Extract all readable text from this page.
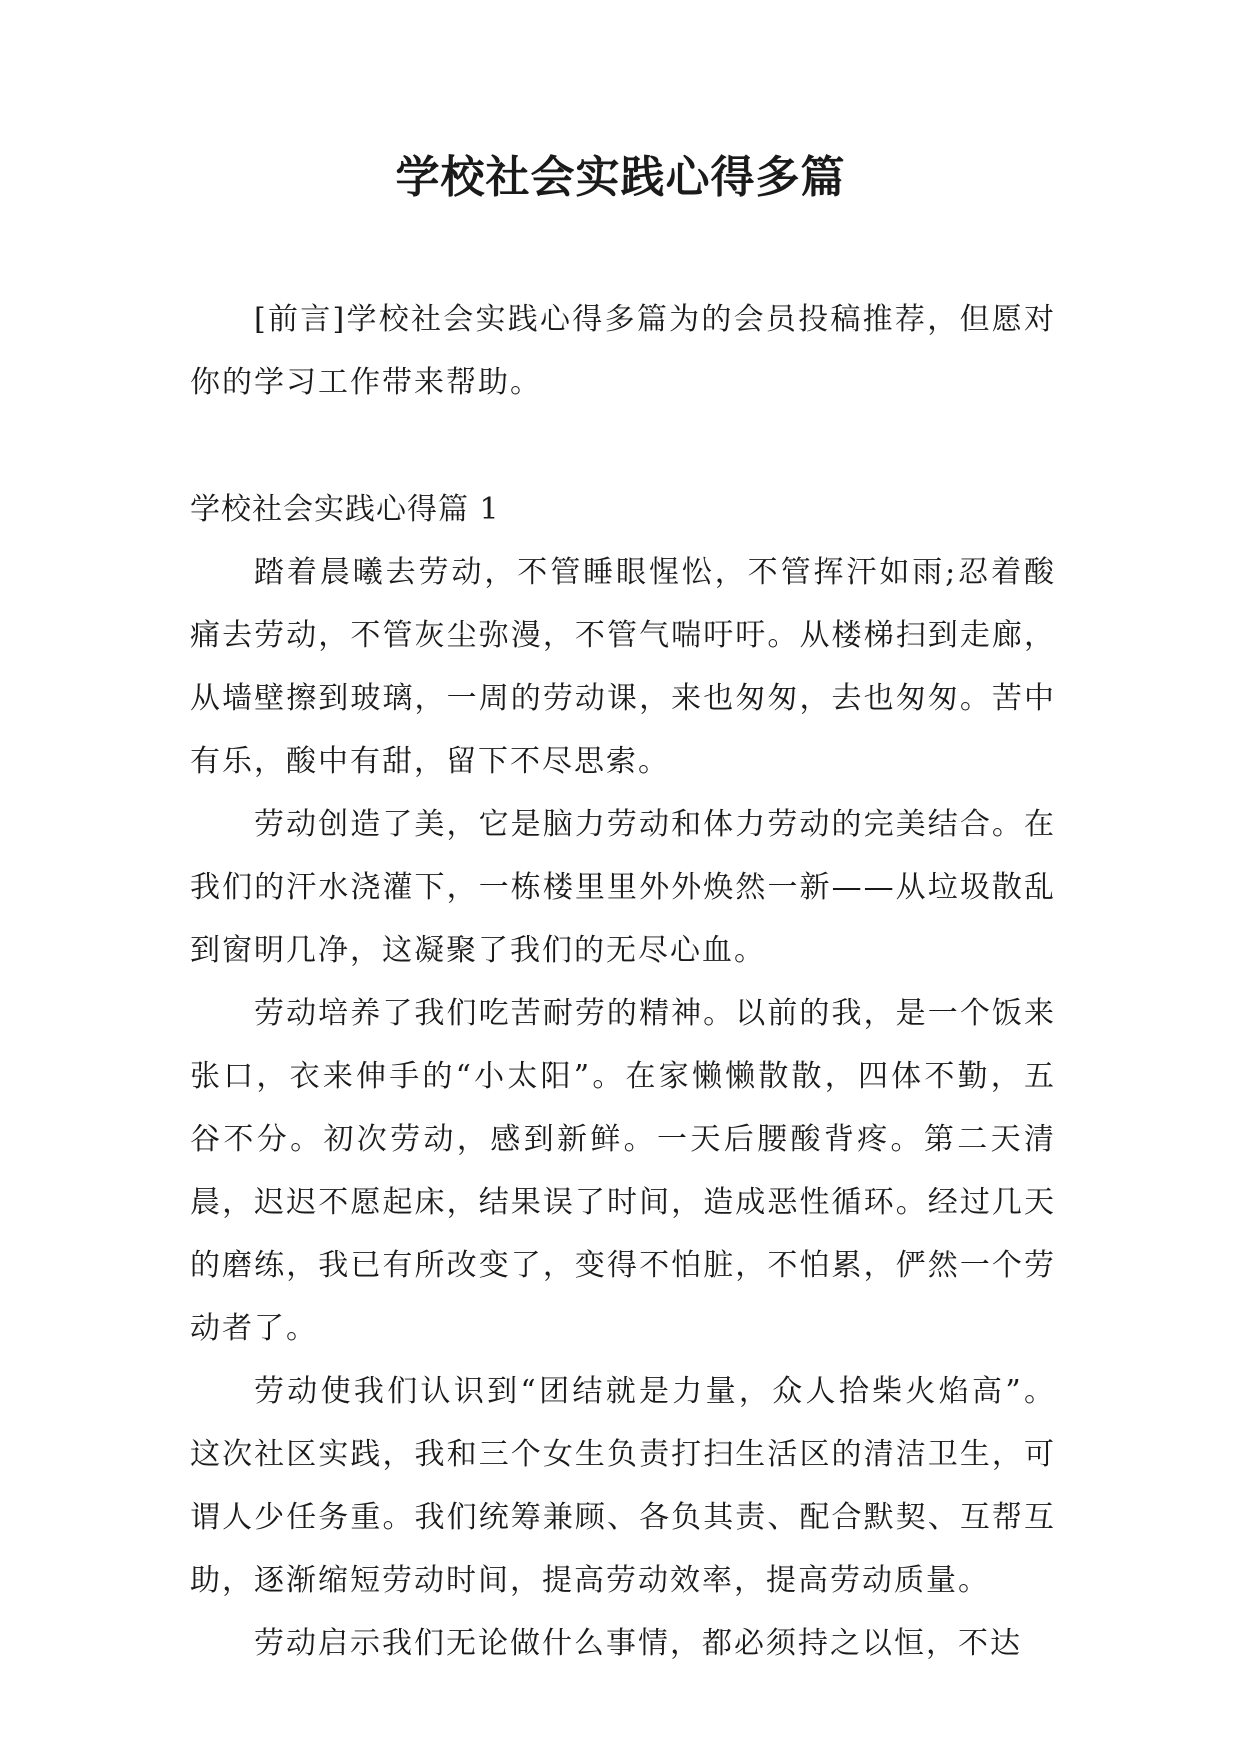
学校社会实践心得多篇

[前言]学校社会实践心得多篇为的会员投稿推荐，但愿对你的学习工作带来帮助。

学校社会实践心得篇 1

踏着晨曦去劳动，不管睡眼惺忪，不管挥汗如雨;忍着酸痛去劳动，不管灰尘弥漫，不管气喘吁吁。从楼梯扫到走廊，从墙壁擦到玻璃，一周的劳动课，来也匆匆，去也匆匆。苦中有乐，酸中有甜，留下不尽思索。

劳动创造了美，它是脑力劳动和体力劳动的完美结合。在我们的汗水浇灌下，一栋楼里里外外焕然一新——从垃圾散乱到窗明几净，这凝聚了我们的无尽心血。

劳动培养了我们吃苦耐劳的精神。以前的我，是一个饭来张口，衣来伸手的“小太阳”。在家懒懒散散，四体不勤，五谷不分。初次劳动，感到新鲜。一天后腰酸背疼。第二天清晨，迟迟不愿起床，结果误了时间，造成恶性循环。经过几天的磨练，我已有所改变了，变得不怕脏，不怕累，俨然一个劳动者了。

劳动使我们认识到“团结就是力量，众人拾柴火焰高”。这次社区实践，我和三个女生负责打扫生活区的清洁卫生，可谓人少任务重。我们统筹兼顾、各负其责、配合默契、互帮互助，逐渐缩短劳动时间，提高劳动效率，提高劳动质量。

劳动启示我们无论做什么事情，都必须持之以恒，不达
